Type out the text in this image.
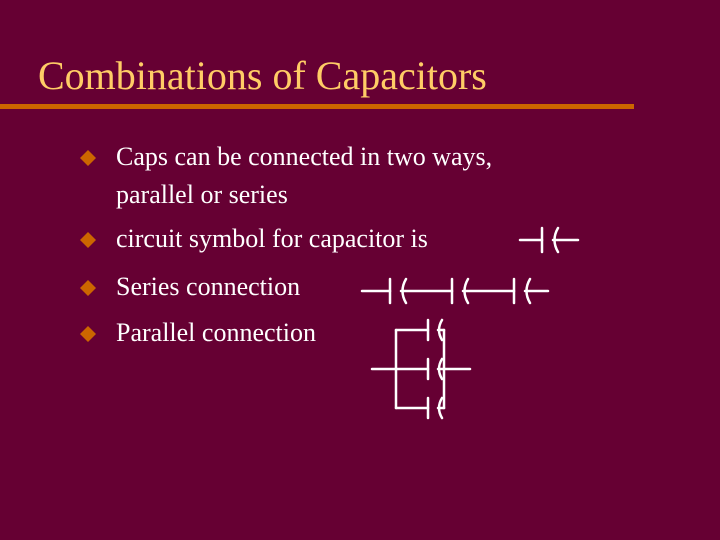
Combinations of Capacitors
Caps can be connected in two ways,
parallel or series
circuit symbol for capacitor is
Series connection
Parallel connection
